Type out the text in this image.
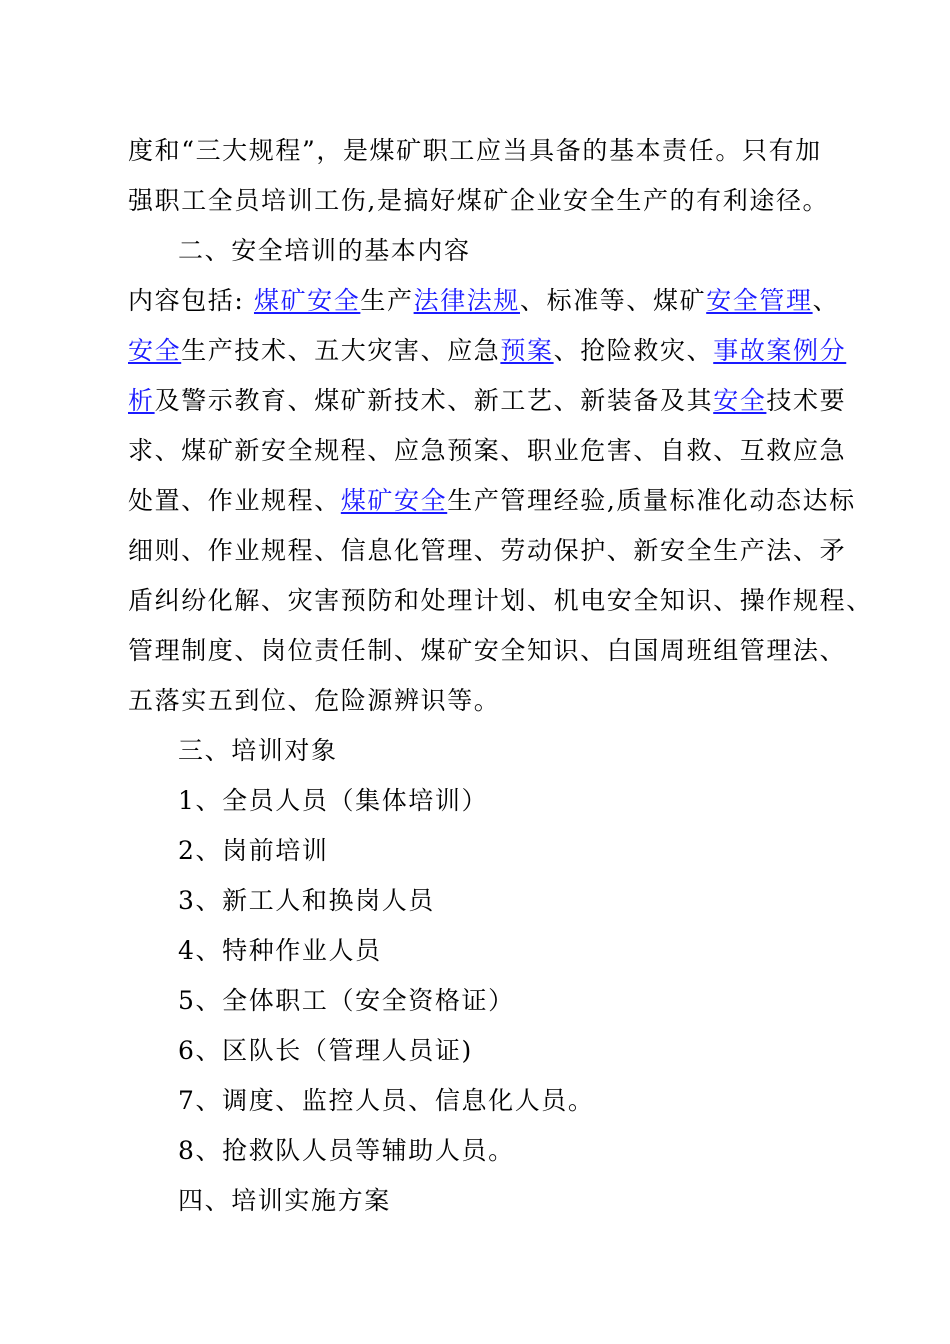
度和“三大规程”，是煤矿职工应当具备的基本责任。只有加
强职工全员培训工伤,是搞好煤矿企业安全生产的有利途径。
二、安全培训的基本内容
内容包括: 煤矿安全生产法律法规、标准等、煤矿安全管理、
安全生产技术、五大灾害、应急预案、抢险救灾、事故案例分
析及警示教育、煤矿新技术、新工艺、新装备及其安全技术要
求、煤矿新安全规程、应急预案、职业危害、自救、互救应急
处置、作业规程、煤矿安全生产管理经验,质量标准化动态达标
细则、作业规程、信息化管理、劳动保护、新安全生产法、矛
盾纠纷化解、灾害预防和处理计划、机电安全知识、操作规程、
管理制度、岗位责任制、煤矿安全知识、白国周班组管理法、
五落实五到位、危险源辨识等。
三、培训对象
1、全员人员（集体培训）
2、岗前培训
3、新工人和换岗人员
4、特种作业人员
5、全体职工（安全资格证）
6、区队长（管理人员证)
7、调度、监控人员、信息化人员。
8、抢救队人员等辅助人员。
四、培训实施方案
